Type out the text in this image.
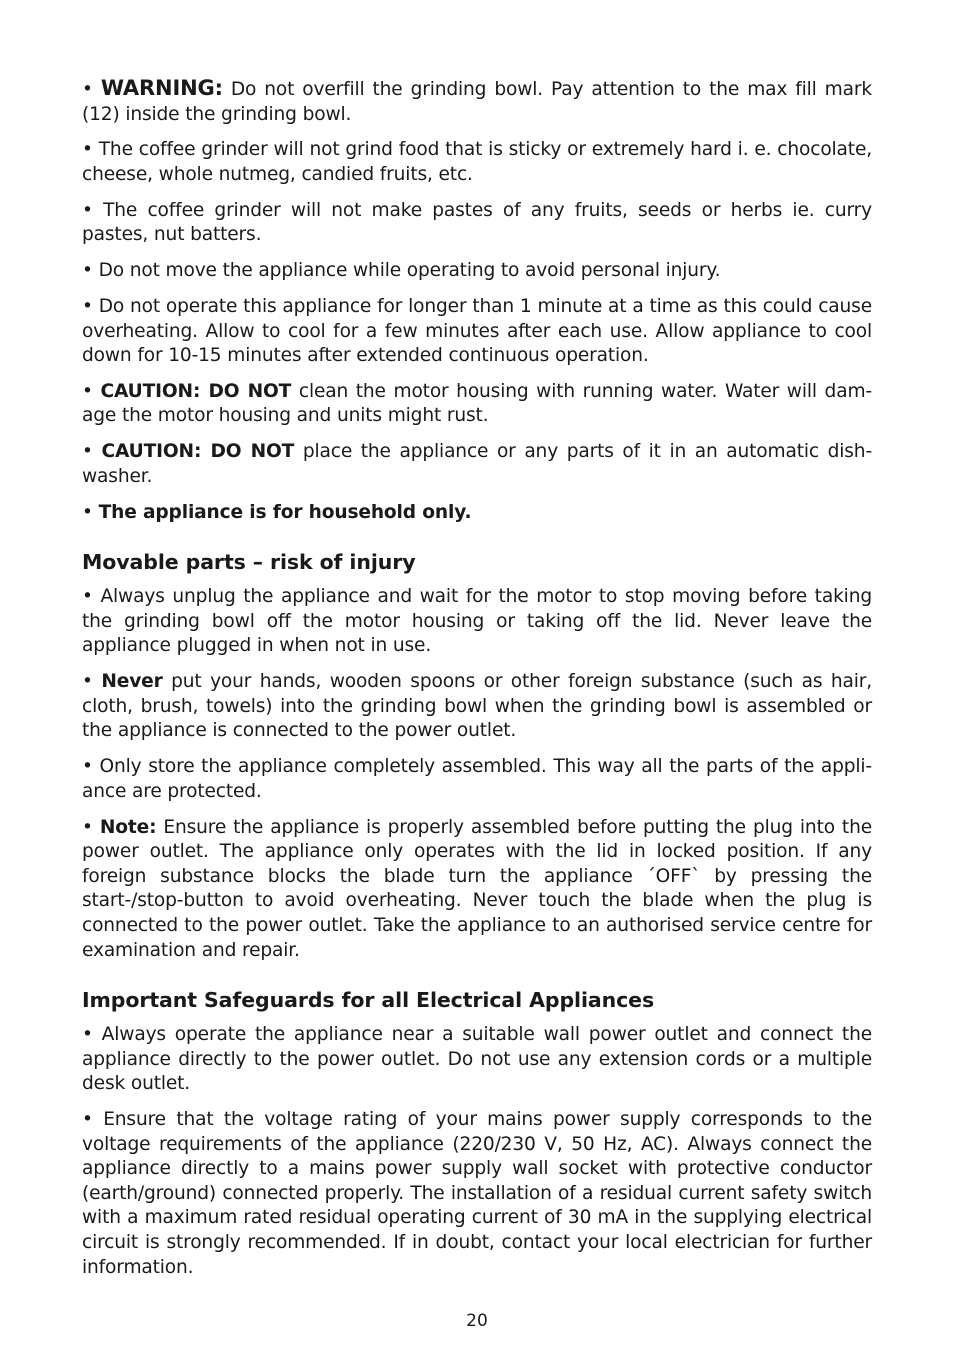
• WARNING: Do not overfill the grinding bowl. Pay attention to the max fill mark (12) inside the grinding bowl.

• The coffee grinder will not grind food that is sticky or extremely hard i. e. chocolate, cheese, whole nutmeg, candied fruits, etc.

• The coffee grinder will not make pastes of any fruits, seeds or herbs ie. curry pastes, nut batters.

• Do not move the appliance while operating to avoid personal injury.

• Do not operate this appliance for longer than 1 minute at a time as this could cause overheating. Allow to cool for a few minutes after each use. Allow appliance to cool down for 10-15 minutes after extended continuous operation.

• CAUTION: DO NOT clean the motor housing with running water. Water will dam-age the motor housing and units might rust.

• CAUTION: DO NOT place the appliance or any parts of it in an automatic dish-washer.

• The appliance is for household only.

Movable parts – risk of injury

• Always unplug the appliance and wait for the motor to stop moving before taking the grinding bowl off the motor housing or taking off the lid. Never leave the appliance plugged in when not in use.

• Never put your hands, wooden spoons or other foreign substance (such as hair, cloth, brush, towels) into the grinding bowl when the grinding bowl is assembled or the appliance is connected to the power outlet.

• Only store the appliance completely assembled. This way all the parts of the appli-ance are protected.

• Note: Ensure the appliance is properly assembled before putting the plug into the power outlet. The appliance only operates with the lid in locked position. If any foreign substance blocks the blade turn the appliance ´OFF` by pressing the start-/stop-button to avoid overheating. Never touch the blade when the plug is connected to the power outlet. Take the appliance to an authorised service centre for examination and repair.

Important Safeguards for all Electrical Appliances

• Always operate the appliance near a suitable wall power outlet and connect the appliance directly to the power outlet. Do not use any extension cords or a multiple desk outlet.

• Ensure that the voltage rating of your mains power supply corresponds to the voltage requirements of the appliance (220/230 V, 50 Hz, AC). Always connect the appliance directly to a mains power supply wall socket with protective conductor (earth/ground) connected properly. The installation of a residual current safety switch with a maximum rated residual operating current of 30 mA in the supplying electrical circuit is strongly recommended. If in doubt, contact your local electrician for further information.

20
